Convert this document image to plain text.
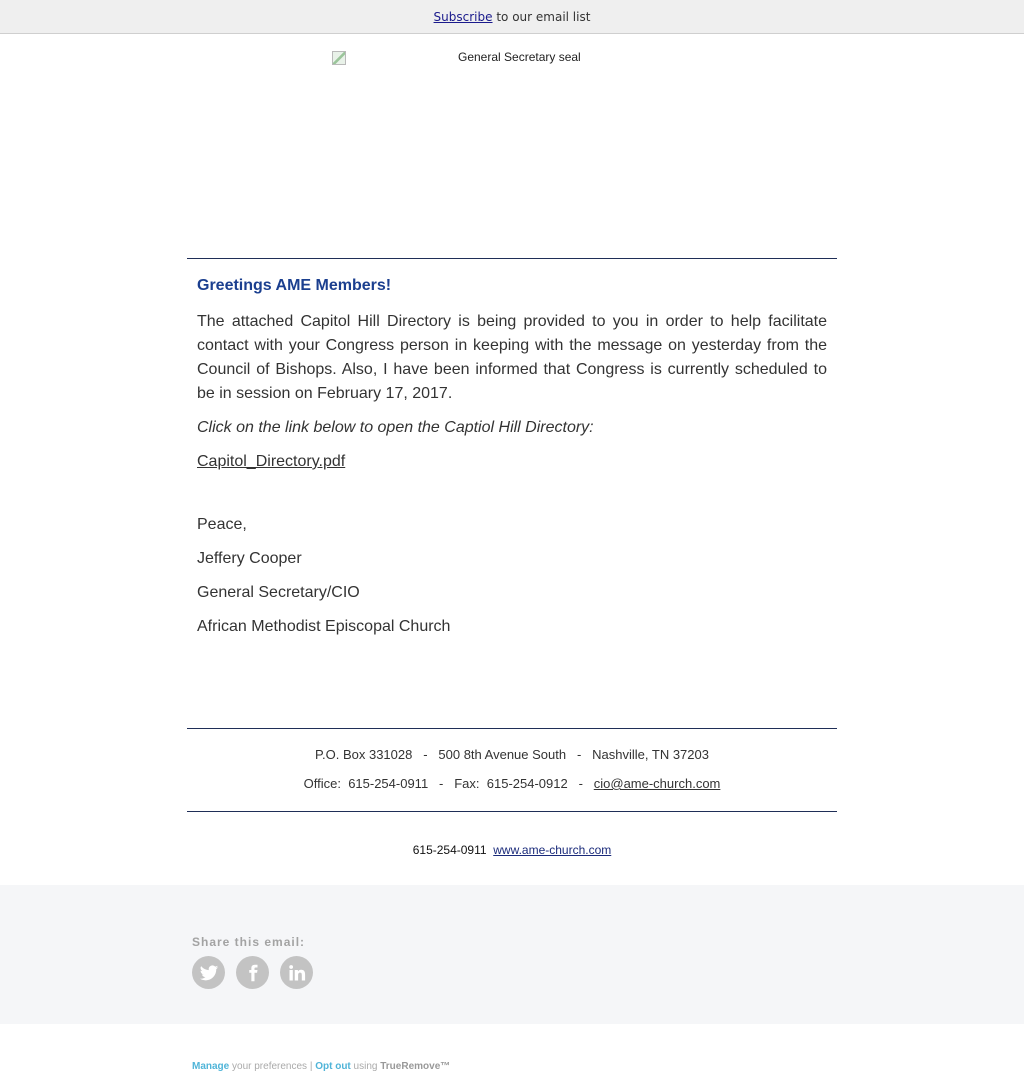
Subscribe
to our email list
General Secretary seal
Greetings AME Members!

The attached Capitol Hill Directory is being provided to you in order to help facilitate contact with your Congress person in keeping with the message on yesterday from the Council of Bishops. Also, I have been informed that Congress is currently scheduled to be in session on February 17, 2017.

Click on the link below to open the Captiol Hill Directory:

Capitol_Directory.pdf

Peace,

Jeffery Cooper

General Secretary/CIO

African Methodist Episcopal Church

P.O. Box 331028 - 500 8th Avenue South - Nashville, TN 37203
Office: 615-254-0911 - Fax: 615-254-0912 - cio@ame-church.com
615-254-0911 www.ame-church.com
Share this email:
Manage your preferences | Opt out using TrueRemove™
